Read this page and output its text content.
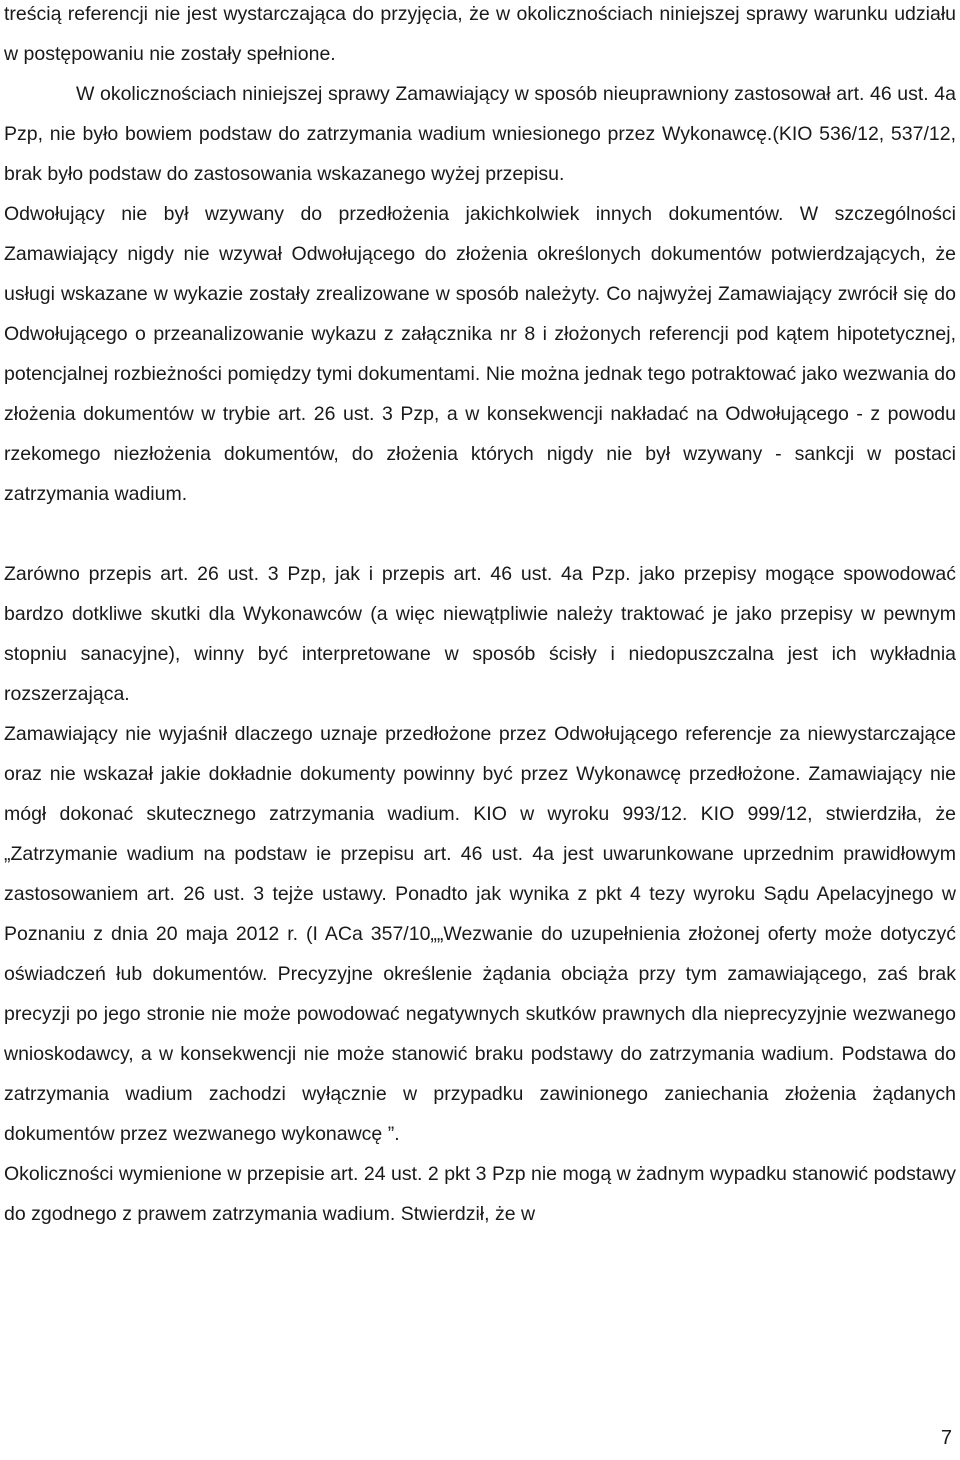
treścią referencji nie jest wystarczająca do przyjęcia, że w okolicznościach niniejszej sprawy warunku udziału w postępowaniu nie zostały spełnione.

W okolicznościach niniejszej sprawy Zamawiający w sposób nieuprawniony zastosował art. 46 ust. 4a Pzp, nie było bowiem podstaw do zatrzymania wadium wniesionego przez Wykonawcę.(KIO 536/12, 537/12, brak było podstaw do zastosowania wskazanego wyżej przepisu.

Odwołujący nie był wzywany do przedłożenia jakichkolwiek innych dokumentów. W szczególności Zamawiający nigdy nie wzywał Odwołującego do złożenia określonych dokumentów potwierdzających, że usługi wskazane w wykazie zostały zrealizowane w sposób należyty. Co najwyżej Zamawiający zwrócił się do Odwołującego o przeanalizowanie wykazu z załącznika nr 8 i złożonych referencji pod kątem hipotetycznej, potencjalnej rozbieżności pomiędzy tymi dokumentami. Nie można jednak tego potraktować jako wezwania do złożenia dokumentów w trybie art. 26 ust. 3 Pzp, a w konsekwencji nakładać na Odwołującego - z powodu rzekomego niezłożenia dokumentów, do złożenia których nigdy nie był wzywany - sankcji w postaci zatrzymania wadium.

Zarówno przepis art. 26 ust. 3 Pzp, jak i przepis art. 46 ust. 4a Pzp. jako przepisy mogące spowodować bardzo dotkliwe skutki dla Wykonawców (a więc niewątpliwie należy traktować je jako przepisy w pewnym stopniu sanacyjne), winny być interpretowane w sposób ścisły i niedopuszczalna jest ich wykładnia rozszerzająca.

Zamawiający nie wyjaśnił dlaczego uznaje przedłożone przez Odwołującego referencje za niewystarczające oraz nie wskazał jakie dokładnie dokumenty powinny być przez Wykonawcę przedłożone. Zamawiający nie mógł dokonać skutecznego zatrzymania wadium. KIO w wyroku 993/12. KIO 999/12, stwierdziła, że „Zatrzymanie wadium na podstaw ie przepisu art. 46 ust. 4a jest uwarunkowane uprzednim prawidłowym zastosowaniem art. 26 ust. 3 tejże ustawy. Ponadto jak wynika z pkt 4 tezy wyroku Sądu Apelacyjnego w Poznaniu z dnia 20 maja 2012 r. (I ACa 357/10„„Wezwanie do uzupełnienia złożonej oferty może dotyczyć oświadczeń łub dokumentów. Precyzyjne określenie żądania obciąża przy tym zamawiającego, zaś brak precyzji po jego stronie nie może powodować negatywnych skutków prawnych dla nieprecyzyjnie wezwanego wnioskodawcy, a w konsekwencji nie może stanowić braku podstawy do zatrzymania wadium. Podstawa do zatrzymania wadium zachodzi wyłącznie w przypadku zawinionego zaniechania złożenia żądanych dokumentów przez wezwanego wykonawcę ”.

Okoliczności wymienione w przepisie art. 24 ust. 2 pkt 3 Pzp nie mogą w żadnym wypadku stanowić podstawy do zgodnego z prawem zatrzymania wadium. Stwierdził, że w

7
